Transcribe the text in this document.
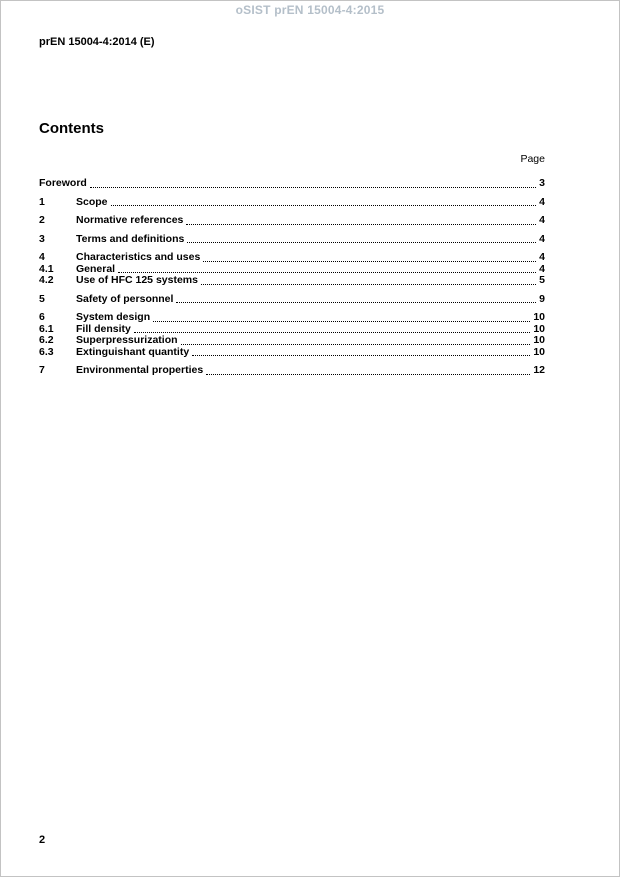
oSIST prEN 15004-4:2015
prEN 15004-4:2014 (E)
Contents
Page
Foreword	3
1	Scope	4
2	Normative references	4
3	Terms and definitions	4
4	Characteristics and uses	4
4.1	General	4
4.2	Use of HFC 125 systems	5
5	Safety of personnel	9
6	System design	10
6.1	Fill density	10
6.2	Superpressurization	10
6.3	Extinguishant quantity	10
7	Environmental properties	12
2
